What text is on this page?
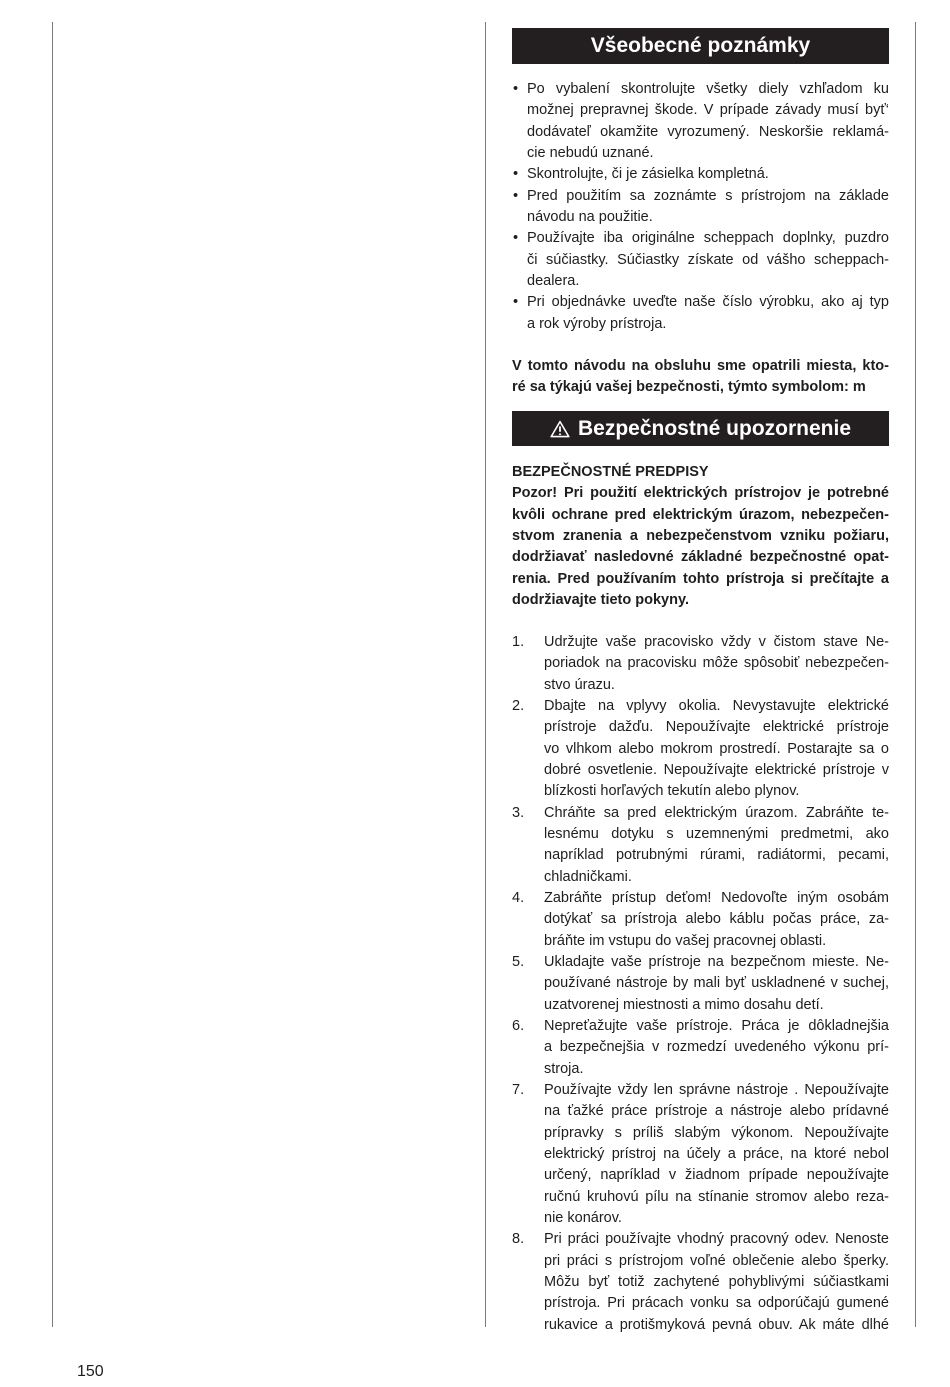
Všeobecné poznámky
• Po vybalení skontrolujte všetky diely vzhľadom ku
možnej prepravnej škode. V prípade závady musí byť‘
dodávateľ okamžite vyrozumený. Neskoršie reklamá-
cie nebudú uznané.
• Skontrolujte, či je zásielka kompletná.
• Pred použitím sa zoznámte s prístrojom na základe
návodu na použitie.
• Používajte iba originálne scheppach doplnky, puzdro
či súčiastky. Súčiastky získate od vášho scheppach-
dealera.
• Pri objednávke uveďte naše číslo výrobku, ako aj typ
a rok výroby prístroja.
V tomto návodu na obsluhu sme opatrili miesta, kto-
ré sa týkajú vašej bezpečnosti, týmto symbolom: m
Bezpečnostné upozornenie
BEZPEČNOSTNÉ PREDPISY
Pozor! Pri použití elektrických prístrojov je potrebné
kvôli ochrane pred elektrickým úrazom, nebezpečen-
stvom zranenia a nebezpečenstvom vzniku požiaru,
dodržiavať nasledovné základné bezpečnostné opat-
renia. Pred používaním tohto prístroja si prečítajte a
dodržiavajte tieto pokyny.
1. Udržujte vaše pracovisko vždy v čistom stave Ne-
poriadok na pracovisku môže spôsobiť nebezpečen-
stvo úrazu.
2. Dbajte na vplyvy okolia. Nevystavujte elektrické
prístroje dažďu. Nepoužívajte elektrické prístroje
vo vlhkom alebo mokrom prostredí. Postarajte sa o
dobré osvetlenie. Nepoužívajte elektrické prístroje v
blízkosti horľavých tekutín alebo plynov.
3. Chráňte sa pred elektrickým úrazom. Zabráňte te-
lesnému dotyku s uzemnenými predmetmi, ako
napríklad potrubnými rúrami, radiátormi, pecami,
chladničkami.
4. Zabráňte prístup deťom! Nedovoľte iným osobám
dotýkať sa prístroja alebo káblu počas práce, za-
bráňte im vstupu do vašej pracovnej oblasti.
5. Ukladajte vaše prístroje na bezpečnom mieste. Ne-
používané nástroje by mali byť uskladnené v suchej,
uzatvorenej miestnosti a mimo dosahu detí.
6. Nepreťažujte vaše prístroje. Práca je dôkladnejšia
a bezpečnejšia v rozmedzí uvedeného výkonu prí-
stroja.
7. Používajte vždy len správne nástroje . Nepoužívajte
na ťažké práce prístroje a nástroje alebo prídavné
prípravky s príliš slabým výkonom. Nepoužívajte
elektrický prístroj na účely a práce, na ktoré nebol
určený, napríklad v žiadnom prípade nepoužívajte
ručnú kruhovú pílu na stínanie stromov alebo reza-
nie konárov.
8. Pri práci používajte vhodný pracovný odev. Nenoste
pri práci s prístrojom voľné oblečenie alebo šperky.
Môžu byť totiž zachytené pohyblivými súčiastkami
prístroja. Pri prácach vonku sa odporúčajú gumené
rukavice a protišmyková pevná obuv. Ak máte dlhé
150
